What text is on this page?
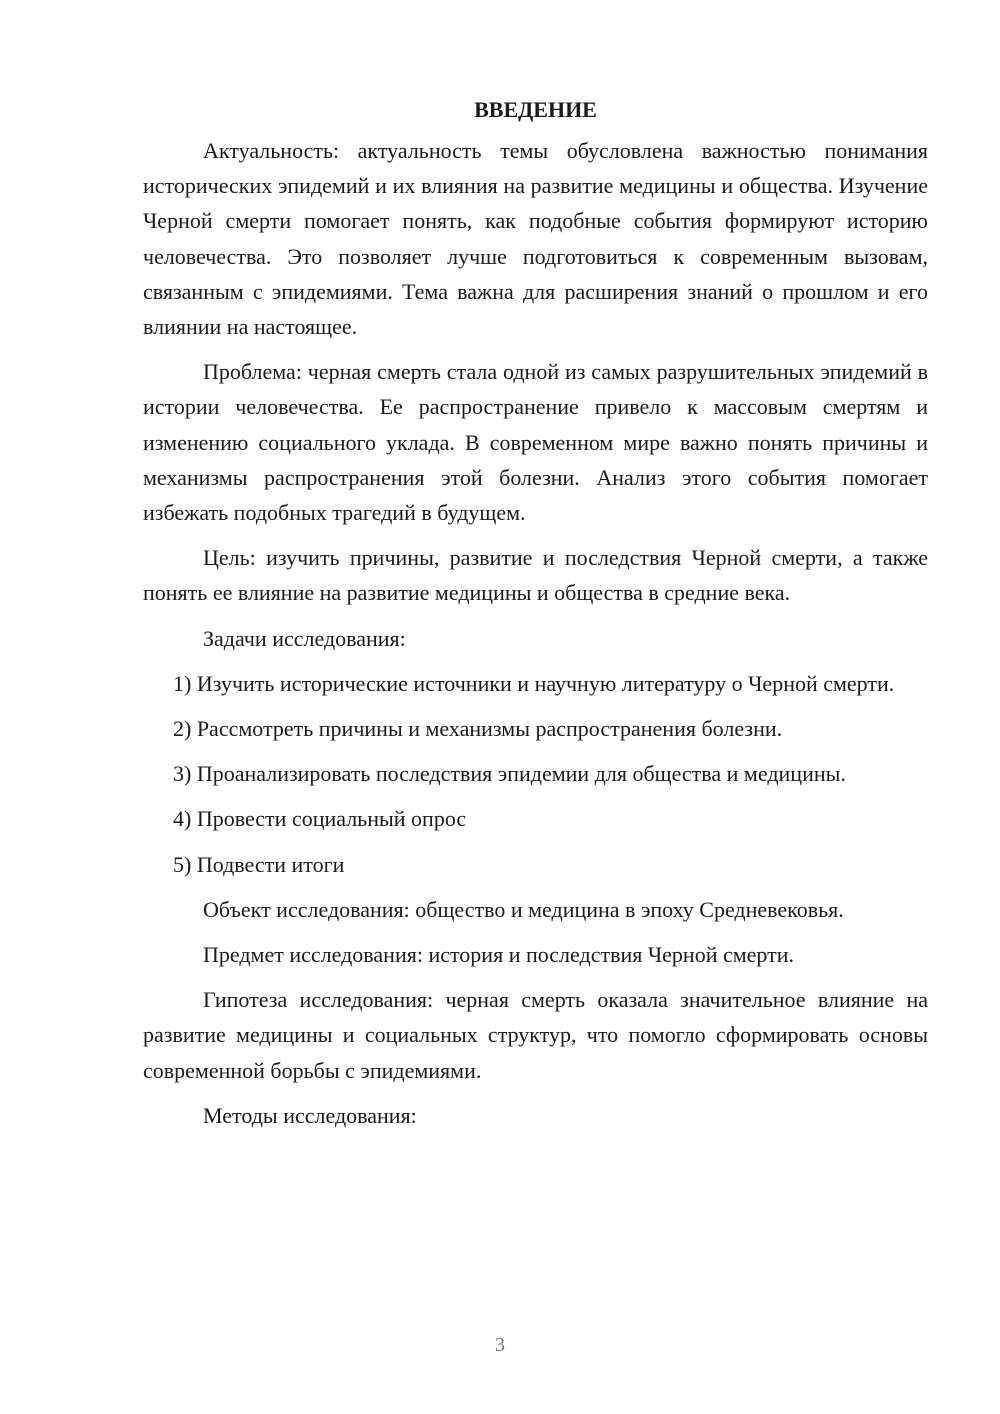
ВВЕДЕНИЕ

Актуальность: актуальность темы обусловлена важностью понимания исторических эпидемий и их влияния на развитие медицины и общества. Изучение Черной смерти помогает понять, как подобные события формируют историю человечества. Это позволяет лучше подготовиться к современным вызовам, связанным с эпидемиями. Тема важна для расширения знаний о прошлом и его влиянии на настоящее.

Проблема: черная смерть стала одной из самых разрушительных эпидемий в истории человечества. Ее распространение привело к массовым смертям и изменению социального уклада. В современном мире важно понять причины и механизмы распространения этой болезни. Анализ этого события помогает избежать подобных трагедий в будущем.

Цель: изучить причины, развитие и последствия Черной смерти, а также понять ее влияние на развитие медицины и общества в средние века.

Задачи исследования:

1) Изучить исторические источники и научную литературу о Черной смерти.

2) Рассмотреть причины и механизмы распространения болезни.

3) Проанализировать последствия эпидемии для общества и медицины.

4) Провести социальный опрос

5) Подвести итоги

Объект исследования: общество и медицина в эпоху Средневековья.

Предмет исследования: история и последствия Черной смерти.

Гипотеза исследования: черная смерть оказала значительное влияние на развитие медицины и социальных структур, что помогло сформировать основы современной борьбы с эпидемиями.

Методы исследования:

3
